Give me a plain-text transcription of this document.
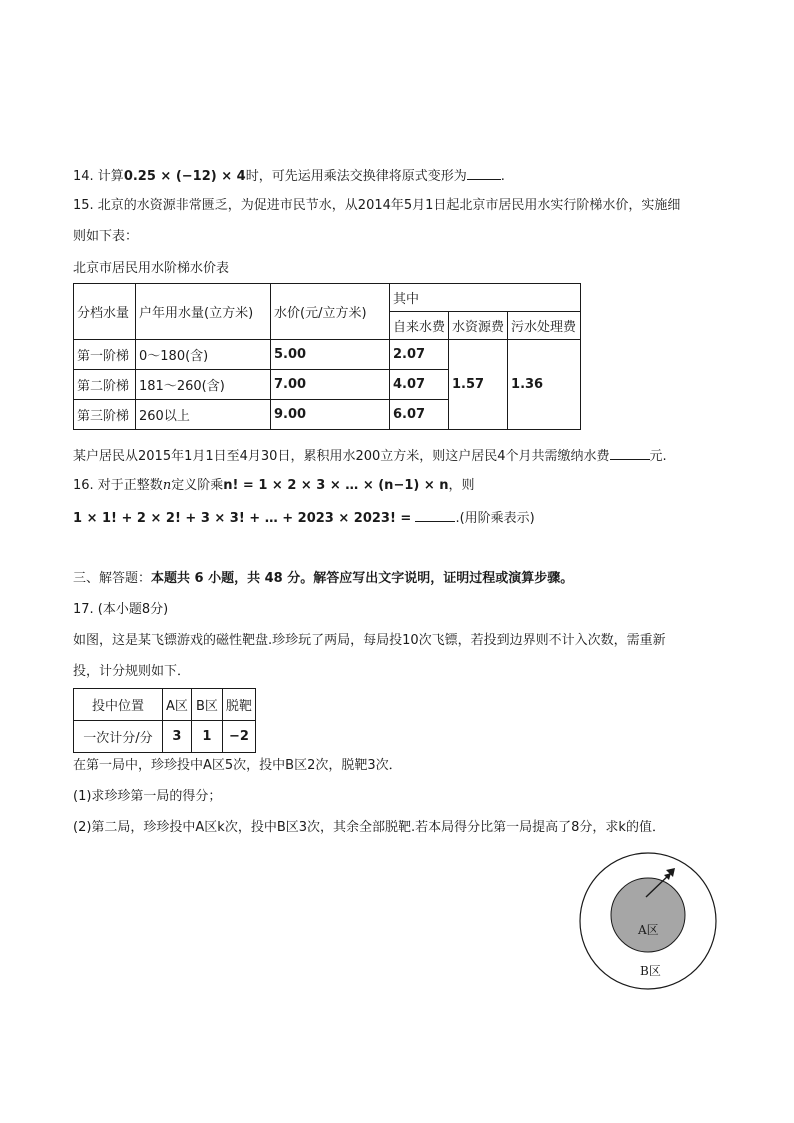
14. 计算0.25 × (−12) × 4时，可先运用乘法交换律将原式变形为	.
15. 北京的水资源非常匮乏，为促进市民节水，从2014年5月1日起北京市居民用水实行阶梯水价，实施细
则如下表：
北京市居民用水阶梯水价表
分档水量	户年用水量(立方米)	水价(元/立方米)	其中		
			自来水费	水资源费	污水处理费
第一阶梯	0～180(含)	5.00	2.07	1.57	1.36
第二阶梯	181～260(含)	7.00	4.07		
第三阶梯	260以上	9.00	6.07		
某户居民从2015年1月1日至4月30日，累积用水200立方米，则这户居民4个月共需缴纳水费	元.
16. 对于正整数n定义阶乘n! = 1 × 2 × 3 × … × (n−1) × n，则
1 × 1! + 2 × 2! + 3 × 3! + … + 2023 × 2023! =	.(用阶乘表示)
三、解答题：本题共 6 小题，共 48 分。解答应写出文字说明，证明过程或演算步骤。
17. (本小题8分)
如图，这是某飞镖游戏的磁性靶盘.珍珍玩了两局，每局投10次飞镖，若投到边界则不计入次数，需重新
投，计分规则如下．
投中位置	A区	B区	脱靶
一次计分/分	3	1	−2
在第一局中，珍珍投中A区5次，投中B区2次，脱靶3次．
(1)求珍珍第一局的得分；
(2)第二局，珍珍投中A区k次，投中B区3次，其余全部脱靶.若本局得分比第一局提高了8分，求k的值．
A区
B区
